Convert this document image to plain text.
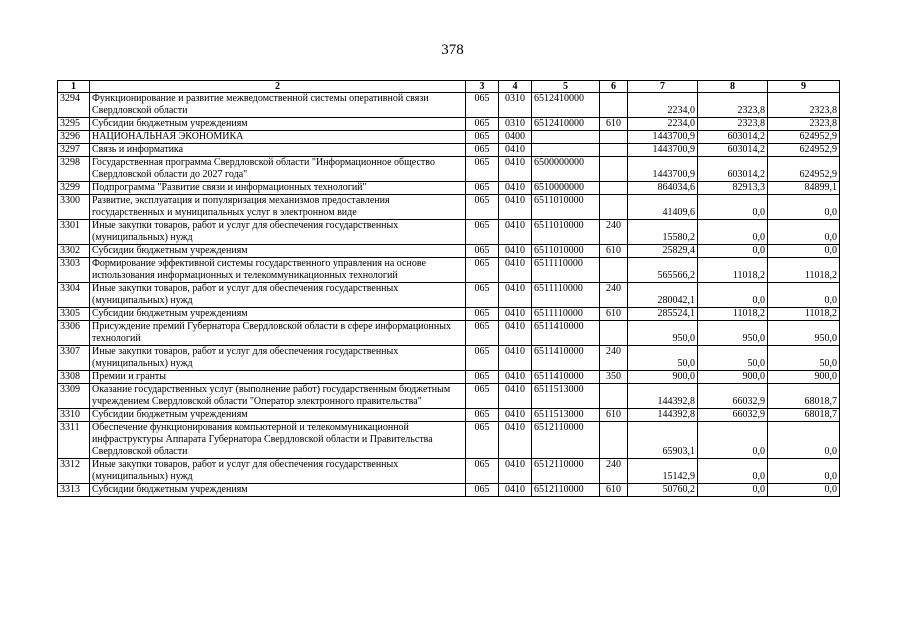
378
1	2	3	4	5	6	7	8	9
3294	Функционирование и развитие межведомственной системы оперативной связи Свердловской области	065	0310	6512410000		2234,0	2323,8	2323,8
3295	Субсидии бюджетным учреждениям	065	0310	6512410000	610	2234,0	2323,8	2323,8
3296	НАЦИОНАЛЬНАЯ ЭКОНОМИКА	065	0400			1443700,9	603014,2	624952,9
3297	Связь и информатика	065	0410			1443700,9	603014,2	624952,9
3298	Государственная программа Свердловской области "Информационное общество Свердловской области до 2027 года"	065	0410	6500000000		1443700,9	603014,2	624952,9
3299	Подпрограмма "Развитие связи и информационных технологий"	065	0410	6510000000		864034,6	82913,3	84899,1
3300	Развитие, эксплуатация и популяризация механизмов предоставления государственных и муниципальных услуг в электронном виде	065	0410	6511010000		41409,6	0,0	0,0
3301	Иные закупки товаров, работ и услуг для обеспечения государственных (муниципальных) нужд	065	0410	6511010000	240	15580,2	0,0	0,0
3302	Субсидии бюджетным учреждениям	065	0410	6511010000	610	25829,4	0,0	0,0
3303	Формирование эффективной системы государственного управления на основе использования информационных и телекоммуникационных технологий	065	0410	6511110000		565566,2	11018,2	11018,2
3304	Иные закупки товаров, работ и услуг для обеспечения государственных (муниципальных) нужд	065	0410	6511110000	240	280042,1	0,0	0,0
3305	Субсидии бюджетным учреждениям	065	0410	6511110000	610	285524,1	11018,2	11018,2
3306	Присуждение премий Губернатора Свердловской области в сфере информационных технологий	065	0410	6511410000		950,0	950,0	950,0
3307	Иные закупки товаров, работ и услуг для обеспечения государственных (муниципальных) нужд	065	0410	6511410000	240	50,0	50,0	50,0
3308	Премии и гранты	065	0410	6511410000	350	900,0	900,0	900,0
3309	Оказание государственных услуг (выполнение работ) государственным бюджетным учреждением Свердловской области "Оператор электронного правительства"	065	0410	6511513000		144392,8	66032,9	68018,7
3310	Субсидии бюджетным учреждениям	065	0410	6511513000	610	144392,8	66032,9	68018,7
3311	Обеспечение функционирования компьютерной и телекоммуникационной инфраструктуры Аппарата Губернатора Свердловской области и Правительства Свердловской области	065	0410	6512110000		65903,1	0,0	0,0
3312	Иные закупки товаров, работ и услуг для обеспечения государственных (муниципальных) нужд	065	0410	6512110000	240	15142,9	0,0	0,0
3313	Субсидии бюджетным учреждениям	065	0410	6512110000	610	50760,2	0,0	0,0
